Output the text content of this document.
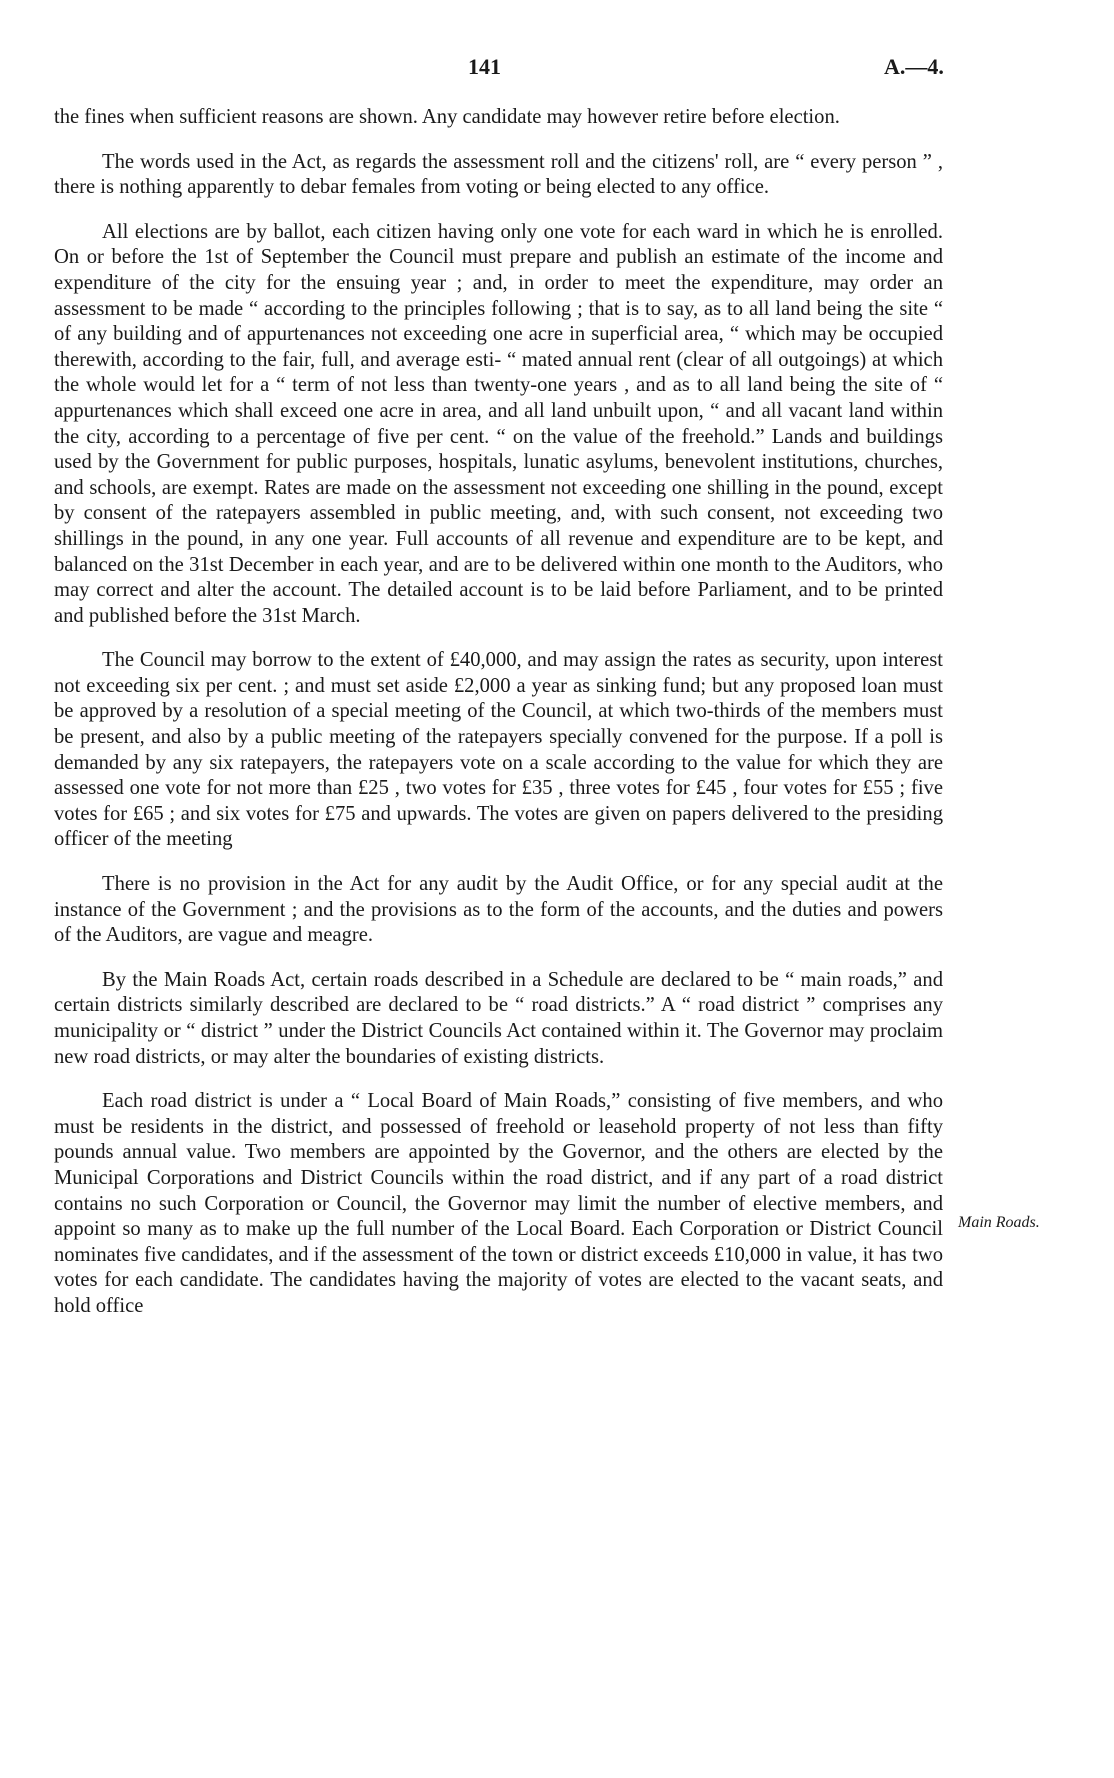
141	A.—4.

the fines when sufficient reasons are shown. Any candidate may however retire before election.

The words used in the Act, as regards the assessment roll and the citizens' roll, are “ every person ” , there is nothing apparently to debar females from voting or being elected to any office.

All elections are by ballot, each citizen having only one vote for each ward in which he is enrolled. On or before the 1st of September the Council must prepare and publish an estimate of the income and expenditure of the city for the ensuing year ; and, in order to meet the expenditure, may order an assessment to be made “ according to the principles following ; that is to say, as to all land being the site “ of any building and of appurtenances not exceeding one acre in superficial area, “ which may be occupied therewith, according to the fair, full, and average esti- “ mated annual rent (clear of all outgoings) at which the whole would let for a “ term of not less than twenty-one years , and as to all land being the site of “ appurtenances which shall exceed one acre in area, and all land unbuilt upon, “ and all vacant land within the city, according to a percentage of five per cent. “ on the value of the freehold.” Lands and buildings used by the Government for public purposes, hospitals, lunatic asylums, benevolent institutions, churches, and schools, are exempt. Rates are made on the assessment not exceeding one shilling in the pound, except by consent of the ratepayers assembled in public meeting, and, with such consent, not exceeding two shillings in the pound, in any one year. Full accounts of all revenue and expenditure are to be kept, and balanced on the 31st December in each year, and are to be delivered within one month to the Auditors, who may correct and alter the account. The detailed account is to be laid before Parliament, and to be printed and published before the 31st March.

The Council may borrow to the extent of £40,000, and may assign the rates as security, upon interest not exceeding six per cent. ; and must set aside £2,000 a year as sinking fund; but any proposed loan must be approved by a resolution of a special meeting of the Council, at which two-thirds of the members must be present, and also by a public meeting of the ratepayers specially convened for the purpose. If a poll is demanded by any six ratepayers, the ratepayers vote on a scale according to the value for which they are assessed one vote for not more than £25 , two votes for £35 , three votes for £45 , four votes for £55 ; five votes for £65 ; and six votes for £75 and upwards. The votes are given on papers delivered to the presiding officer of the meeting

There is no provision in the Act for any audit by the Audit Office, or for any special audit at the instance of the Government ; and the provisions as to the form of the accounts, and the duties and powers of the Auditors, are vague and meagre.

By the Main Roads Act, certain roads described in a Schedule are declared to be “ main roads,” and certain districts similarly described are declared to be “ road districts.” A “ road district ” comprises any municipality or “ district ” under the District Councils Act contained within it. The Governor may proclaim new road districts, or may alter the boundaries of existing districts.

Each road district is under a “ Local Board of Main Roads,” consisting of five members, and who must be residents in the district, and possessed of freehold or leasehold property of not less than fifty pounds annual value. Two members are appointed by the Governor, and the others are elected by the Municipal Corporations and District Councils within the road district, and if any part of a road district contains no such Corporation or Council, the Governor may limit the number of elective members, and appoint so many as to make up the full number of the Local Board. Each Corporation or District Council nominates five candidates, and if the assessment of the town or district exceeds £10,000 in value, it has two votes for each candidate. The candidates having the majority of votes are elected to the vacant seats, and hold office

Main Roads.
